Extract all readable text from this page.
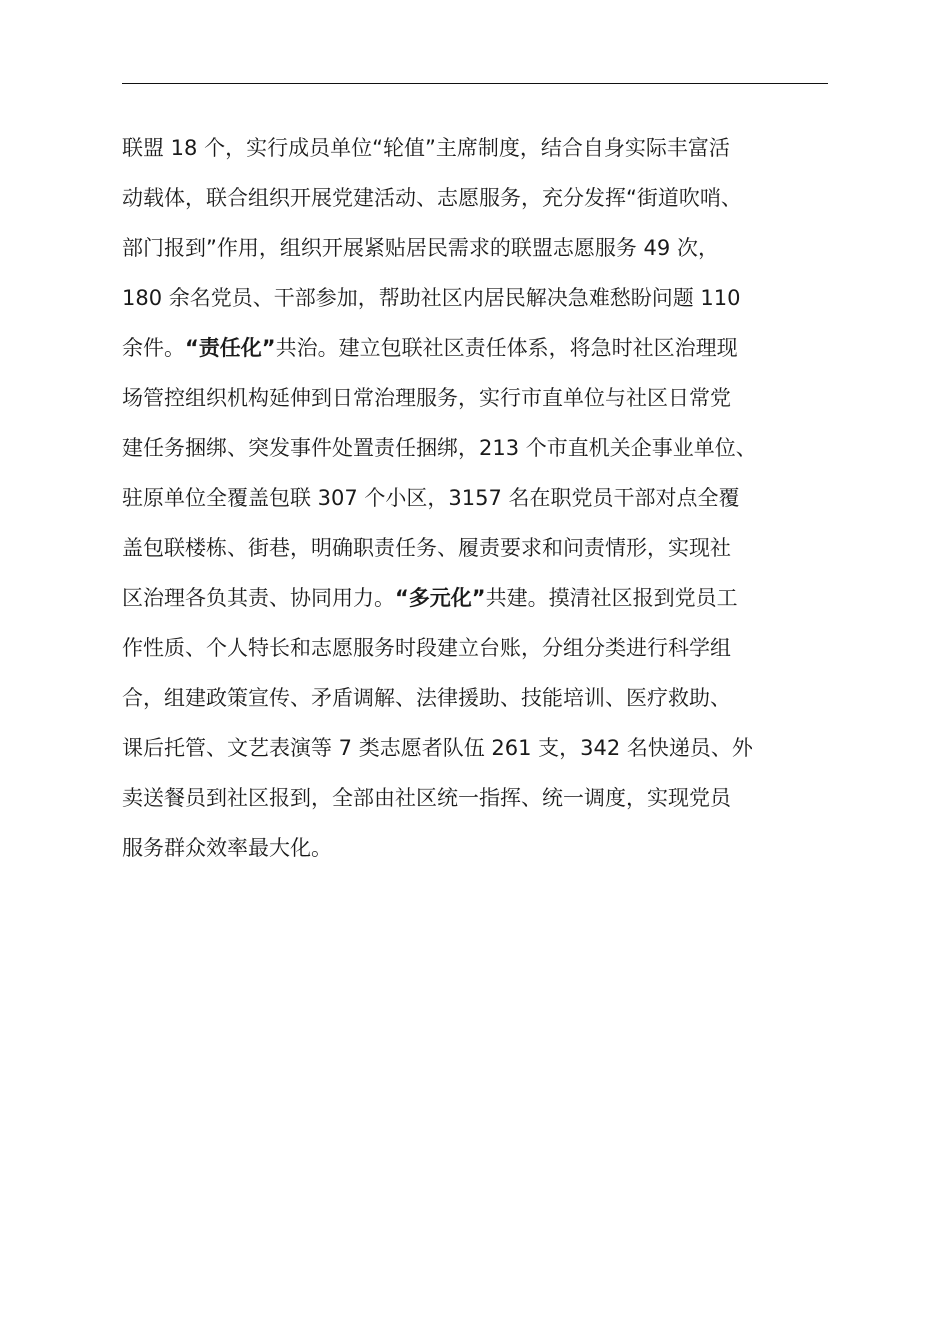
联盟 18 个，实行成员单位“轮值”主席制度，结合自身实际丰富活
动载体，联合组织开展党建活动、志愿服务，充分发挥“街道吹哨、
部门报到”作用，组织开展紧贴居民需求的联盟志愿服务 49 次，
180 余名党员、干部参加，帮助社区内居民解决急难愁盼问题 110
余件。“责任化”共治。建立包联社区责任体系，将急时社区治理现
场管控组织机构延伸到日常治理服务，实行市直单位与社区日常党
建任务捆绑、突发事件处置责任捆绑，213 个市直机关企事业单位、
驻原单位全覆盖包联 307 个小区，3157 名在职党员干部对点全覆
盖包联楼栋、街巷，明确职责任务、履责要求和问责情形，实现社
区治理各负其责、协同用力。“多元化”共建。摸清社区报到党员工
作性质、个人特长和志愿服务时段建立台账，分组分类进行科学组
合，组建政策宣传、矛盾调解、法律援助、技能培训、医疗救助、
课后托管、文艺表演等 7 类志愿者队伍 261 支，342 名快递员、外
卖送餐员到社区报到，全部由社区统一指挥、统一调度，实现党员
服务群众效率最大化。
